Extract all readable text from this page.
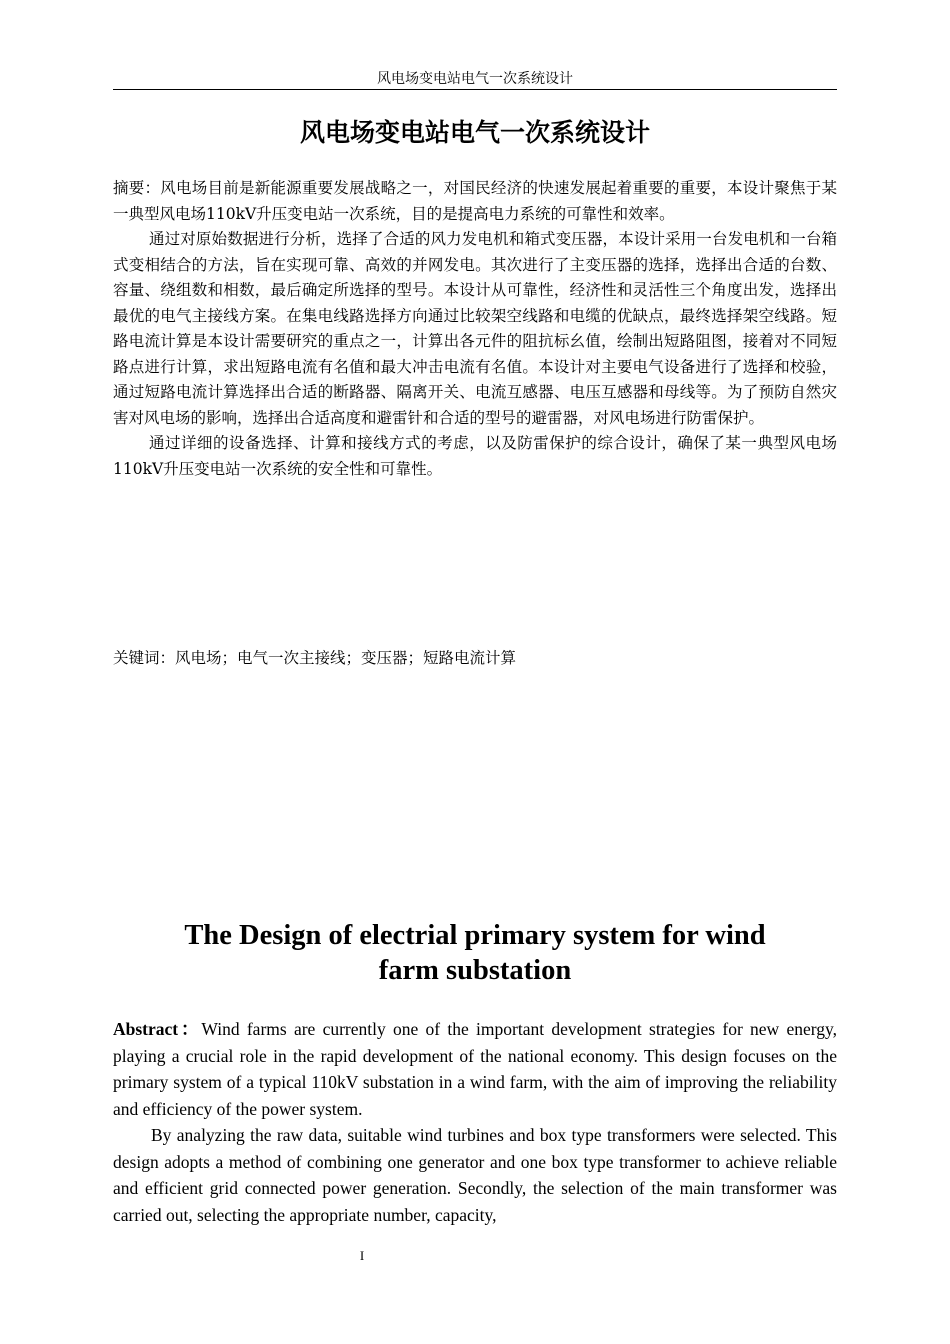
风电场变电站电气一次系统设计
风电场变电站电气一次系统设计

摘要：风电场目前是新能源重要发展战略之一，对国民经济的快速发展起着重要的重要，本设计聚焦于某一典型风电场110kV升压变电站一次系统，目的是提高电力系统的可靠性和效率。

通过对原始数据进行分析，选择了合适的风力发电机和箱式变压器，本设计采用一台发电机和一台箱式变相结合的方法，旨在实现可靠、高效的并网发电。其次进行了主变压器的选择，选择出合适的台数、容量、绕组数和相数，最后确定所选择的型号。本设计从可靠性，经济性和灵活性三个角度出发，选择出最优的电气主接线方案。在集电线路选择方向通过比较架空线路和电缆的优缺点，最终选择架空线路。短路电流计算是本设计需要研究的重点之一，计算出各元件的阻抗标幺值，绘制出短路阻图，接着对不同短路点进行计算，求出短路电流有名值和最大冲击电流有名值。本设计对主要电气设备进行了选择和校验，通过短路电流计算选择出合适的断路器、隔离开关、电流互感器、电压互感器和母线等。为了预防自然灾害对风电场的影响，选择出合适高度和避雷针和合适的型号的避雷器，对风电场进行防雷保护。

通过详细的设备选择、计算和接线方式的考虑，以及防雷保护的综合设计，确保了某一典型风电场110kV升压变电站一次系统的安全性和可靠性。

关键词：风电场；电气一次主接线；变压器；短路电流计算
The Design of electrial primary system for wind
farm substation

Abstract：Wind farms are currently one of the important development strategies for new energy, playing a crucial role in the rapid development of the national economy. This design focuses on the primary system of a typical 110kV substation in a wind farm, with the aim of improving the reliability and efficiency of the power system.

By analyzing the raw data, suitable wind turbines and box type transformers were selected. This design adopts a method of combining one generator and one box type transformer to achieve reliable and efficient grid connected power generation. Secondly, the selection of the main transformer was carried out, selecting the appropriate number, capacity,

I
